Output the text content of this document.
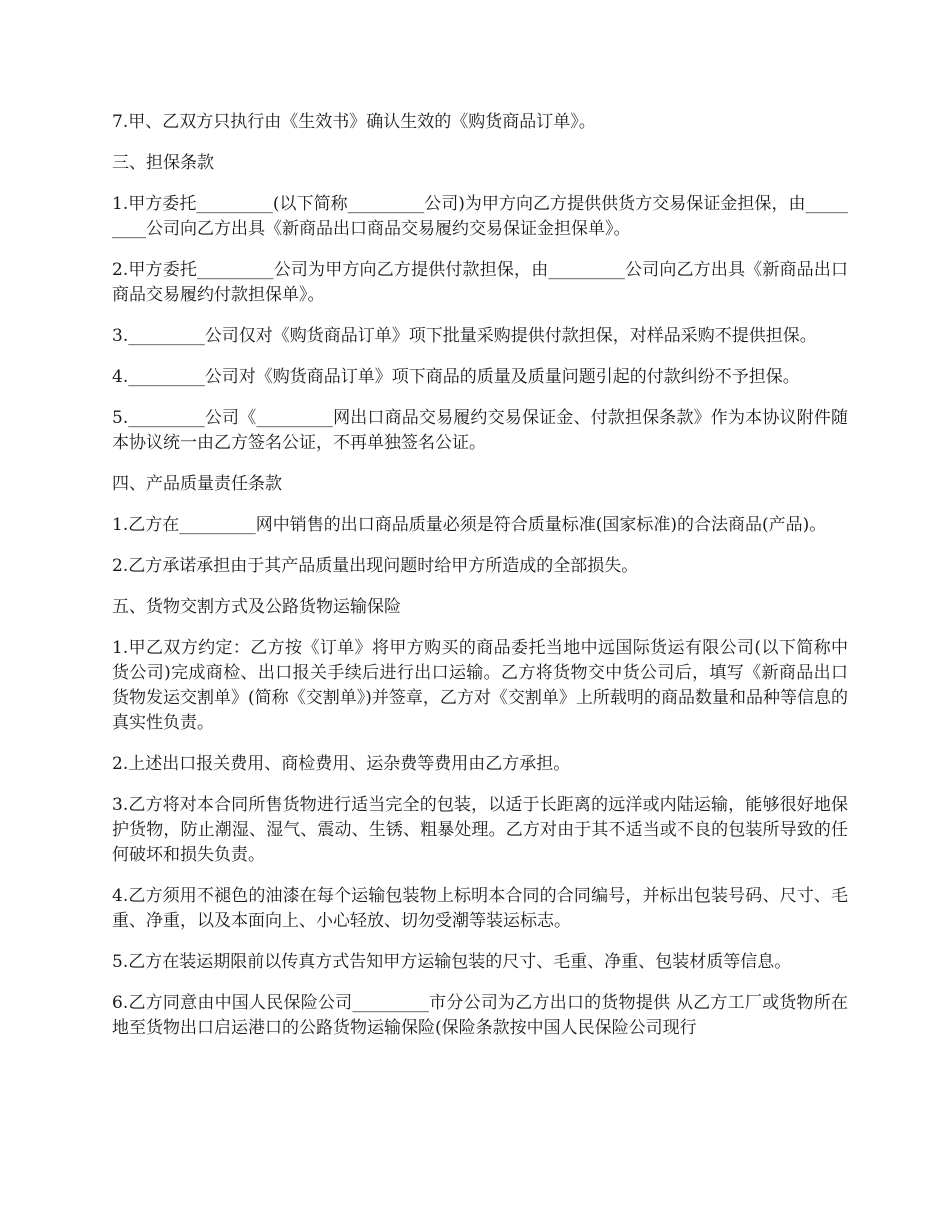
7.甲、乙双方只执行由《生效书》确认生效的《购货商品订单》。

三、担保条款

1.甲方委托_________(以下简称_________公司)为甲方向乙方提供供货方交易保证金担保，由_________公司向乙方出具《新商品出口商品交易履约交易保证金担保单》。

2.甲方委托_________公司为甲方向乙方提供付款担保，由_________公司向乙方出具《新商品出口商品交易履约付款担保单》。

3._________公司仅对《购货商品订单》项下批量采购提供付款担保，对样品采购不提供担保。

4._________公司对《购货商品订单》项下商品的质量及质量问题引起的付款纠纷不予担保。

5._________公司《_________网出口商品交易履约交易保证金、付款担保条款》作为本协议附件随本协议统一由乙方签名公证，不再单独签名公证。

四、产品质量责任条款

1.乙方在_________网中销售的出口商品质量必须是符合质量标准(国家标准)的合法商品(产品)。

2.乙方承诺承担由于其产品质量出现问题时给甲方所造成的全部损失。

五、货物交割方式及公路货物运输保险

1.甲乙双方约定：乙方按《订单》将甲方购买的商品委托当地中远国际货运有限公司(以下简称中货公司)完成商检、出口报关手续后进行出口运输。乙方将货物交中货公司后，填写《新商品出口货物发运交割单》(简称《交割单》)并签章，乙方对《交割单》上所载明的商品数量和品种等信息的真实性负责。

2.上述出口报关费用、商检费用、运杂费等费用由乙方承担。

3.乙方将对本合同所售货物进行适当完全的包装，以适于长距离的远洋或内陆运输，能够很好地保护货物，防止潮湿、湿气、震动、生锈、粗暴处理。乙方对由于其不适当或不良的包装所导致的任何破坏和损失负责。

4.乙方须用不褪色的油漆在每个运输包装物上标明本合同的合同编号，并标出包装号码、尺寸、毛重、净重，以及本面向上、小心轻放、切勿受潮等装运标志。

5.乙方在装运期限前以传真方式告知甲方运输包装的尺寸、毛重、净重、包装材质等信息。

6.乙方同意由中国人民保险公司_________市分公司为乙方出口的货物提供 从乙方工厂或货物所在地至货物出口启运港口的公路货物运输保险(保险条款按中国人民保险公司现行
